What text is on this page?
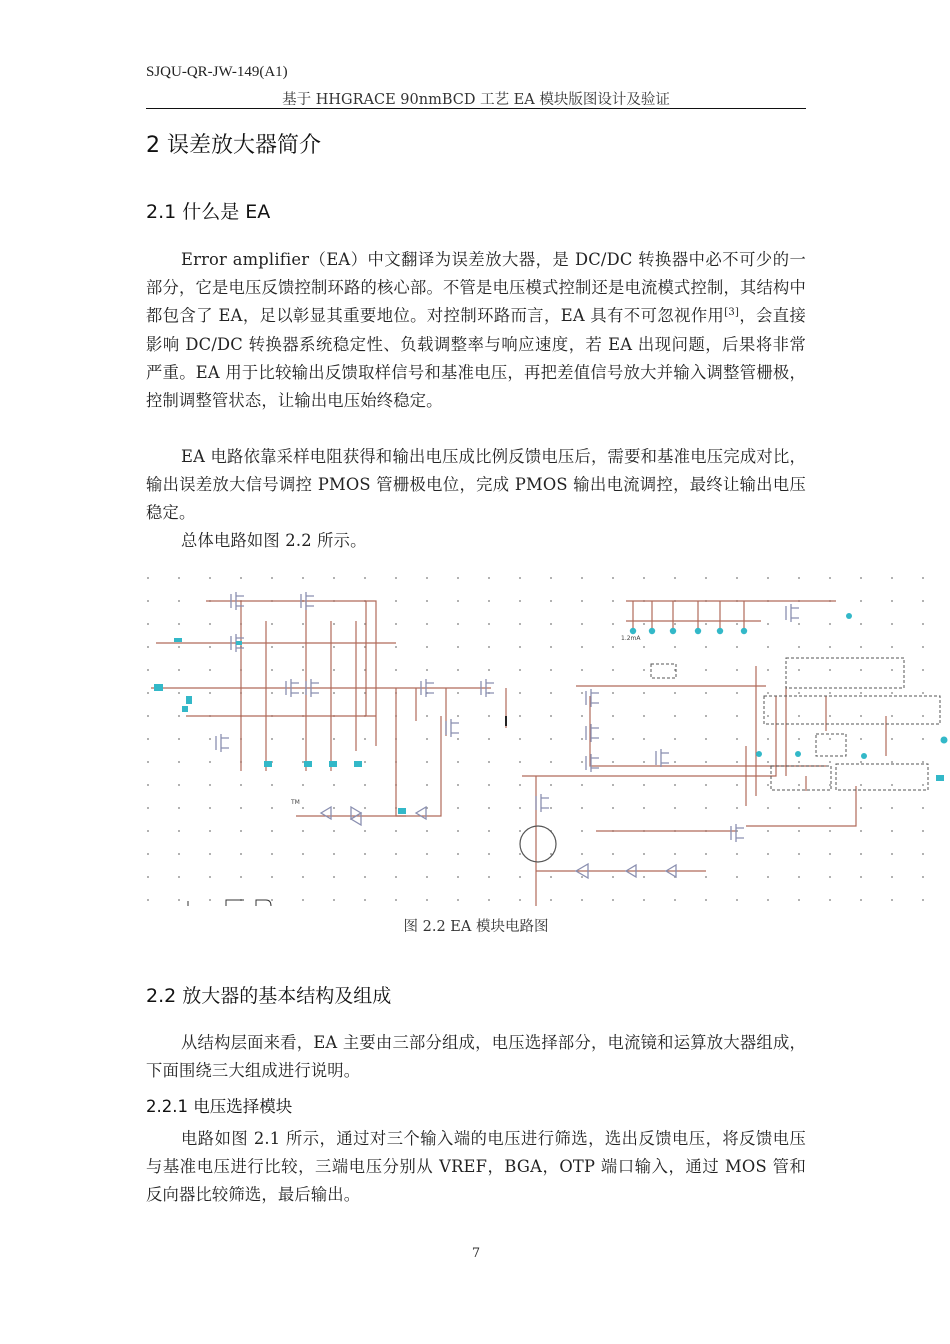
SJQU-QR-JW-149(A1)
基于 HHGRACE 90nmBCD 工艺 EA 模块版图设计及验证
2 误差放大器简介
2.1 什么是 EA
Error amplifier（EA）中文翻译为误差放大器，是 DC/DC 转换器中必不可少的一部分，它是电压反馈控制环路的核心部。不管是电压模式控制还是电流模式控制，其结构中都包含了 EA，足以彰显其重要地位。对控制环路而言，EA 具有不可忽视作用[3]，会直接影响 DC/DC 转换器系统稳定性、负载调整率与响应速度，若 EA 出现问题，后果将非常严重。EA 用于比较输出反馈取样信号和基准电压，再把差值信号放大并输入调整管栅极，控制调整管状态，让输出电压始终稳定。
EA 电路依靠采样电阻获得和输出电压成比例反馈电压后，需要和基准电压完成对比，输出误差放大信号调控 PMOS 管栅极电位，完成 PMOS 输出电流调控，最终让输出电压稳定。
总体电路如图 2.2 所示。
1.2mA
TM
图 2.2 EA 模块电路图
2.2 放大器的基本结构及组成
从结构层面来看，EA 主要由三部分组成，电压选择部分，电流镜和运算放大器组成，下面围绕三大组成进行说明。
2.2.1 电压选择模块
电路如图 2.1 所示，通过对三个输入端的电压进行筛选，选出反馈电压，将反馈电压与基准电压进行比较，三端电压分别从 VREF，BGA，OTP 端口输入，通过 MOS 管和反向器比较筛选，最后输出。
7
